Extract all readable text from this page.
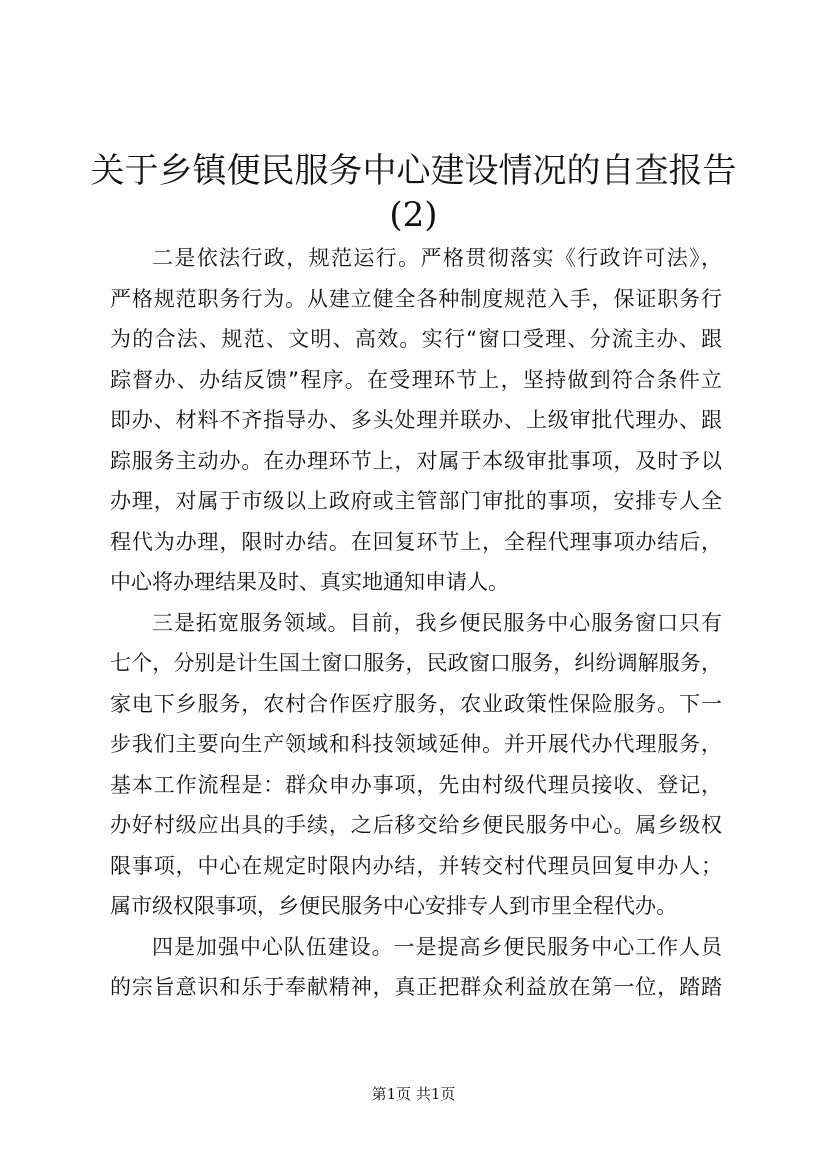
关于乡镇便民服务中心建设情况的自查报告
(2)
二是依法行政，规范运行。严格贯彻落实《行政许可法》，
严格规范职务行为。从建立健全各种制度规范入手，保证职务行
为的合法、规范、文明、高效。实行“窗口受理、分流主办、跟
踪督办、办结反馈”程序。在受理环节上，坚持做到符合条件立
即办、材料不齐指导办、多头处理并联办、上级审批代理办、跟
踪服务主动办。在办理环节上，对属于本级审批事项，及时予以
办理，对属于市级以上政府或主管部门审批的事项，安排专人全
程代为办理，限时办结。在回复环节上，全程代理事项办结后，
中心将办理结果及时、真实地通知申请人。
三是拓宽服务领域。目前，我乡便民服务中心服务窗口只有
七个，分别是计生国土窗口服务，民政窗口服务，纠纷调解服务，
家电下乡服务，农村合作医疗服务，农业政策性保险服务。下一
步我们主要向生产领域和科技领域延伸。并开展代办代理服务，
基本工作流程是：群众申办事项，先由村级代理员接收、登记，
办好村级应出具的手续，之后移交给乡便民服务中心。属乡级权
限事项，中心在规定时限内办结，并转交村代理员回复申办人；
属市级权限事项，乡便民服务中心安排专人到市里全程代办。
四是加强中心队伍建设。一是提高乡便民服务中心工作人员
的宗旨意识和乐于奉献精神，真正把群众利益放在第一位，踏踏
第1页 共1页
